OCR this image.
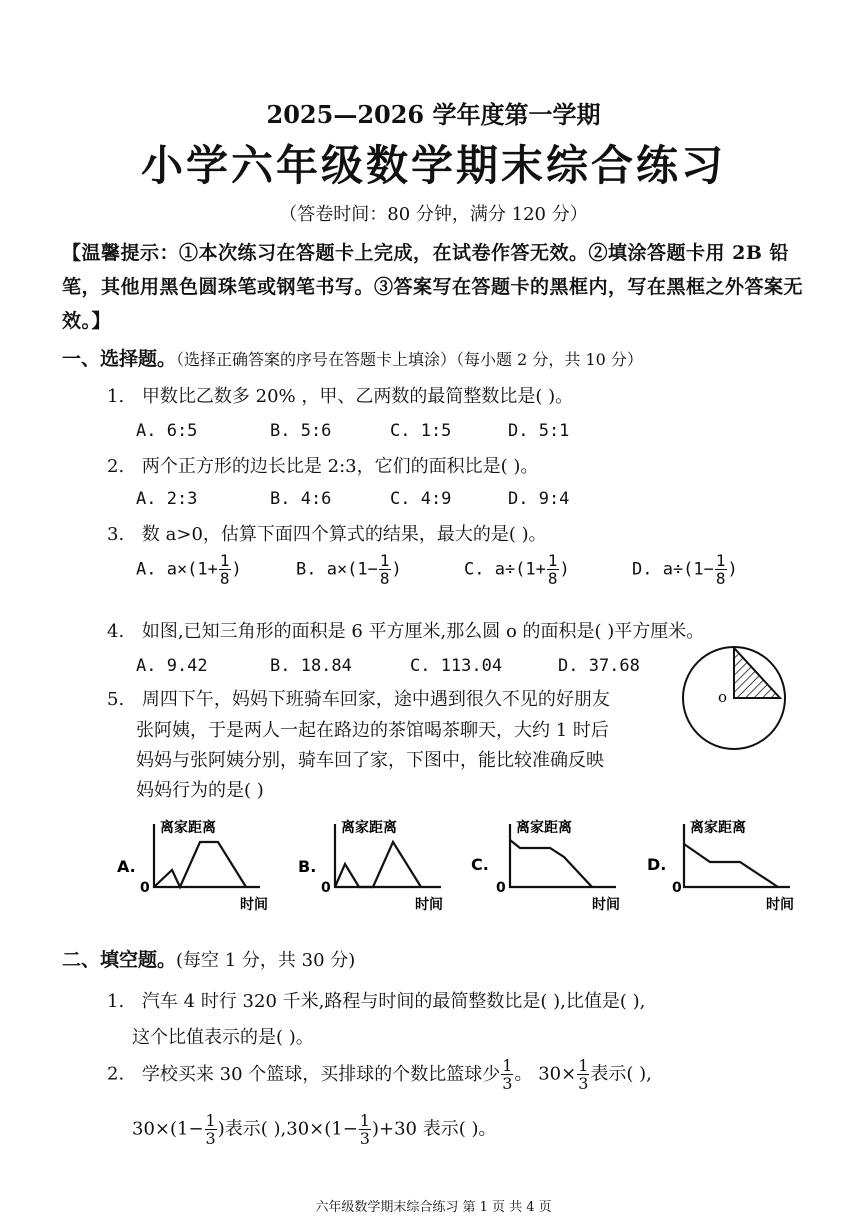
2025—2026 学年度第一学期
小学六年级数学期末综合练习
（答卷时间：80 分钟，满分 120 分）
【温馨提示：①本次练习在答题卡上完成，在试卷作答无效。②填涂答题卡用 2B 铅笔，其他用黑色圆珠笔或钢笔书写。③答案写在答题卡的黑框内，写在黑框之外答案无效。】
一、选择题。（选择正确答案的序号在答题卡上填涂）（每小题 2 分，共 10 分）
1. 甲数比乙数多 20% ，甲、乙两数的最简整数比是( )。
A. 6:5	B. 5:6	C. 1:5	D. 5:1
2. 两个正方形的边长比是 2:3，它们的面积比是( )。
A. 2:3	B. 4:6	C. 4:9	D. 9:4
3. 数 a>0，估算下面四个算式的结果，最大的是( )。
A. $a\times(1+ \frac{1}{8}$ )	B. $a\times(1- \frac{1}{8}$ )	C. $a\div(1+ \frac{1}{8}$ )	D. $a\div(1- \frac{1}{8}$ )
4. 如图,已知三角形的面积是 6 平方厘米,那么圆 o 的面积是( )平方厘米。
A. 9.42	B. 18.84	C. 113.04	D. 37.68
o
5. 周四下午，妈妈下班骑车回家，途中遇到很久不见的好朋友
张阿姨，于是两人一起在路边的茶馆喝茶聊天，大约 1 时后
妈妈与张阿姨分别，骑车回了家，下图中，能比较准确反映
妈妈行为的是( )
A.
离家距离
0
时间
B.
离家距离
0
时间
C.
离家距离
0
时间
D.
离家距离
0
时间
二、填空题。(每空 1 分，共 30 分)
1. 汽车 4 时行 320 千米,路程与时间的最简整数比是( ),比值是( ),
这个比值表示的是( )。
2. 学校买来 30 个篮球，买排球的个数比篮球少 $\frac{1}{3}$ 。 $30\times \frac{1}{3}$ 表示( ),
$30\times(1- \frac{1}{3}$ )表示( )$,30\times(1- \frac{1}{3} )+30$ 表示( )。
六年级数学期末综合练习 第 1 页 共 4 页
